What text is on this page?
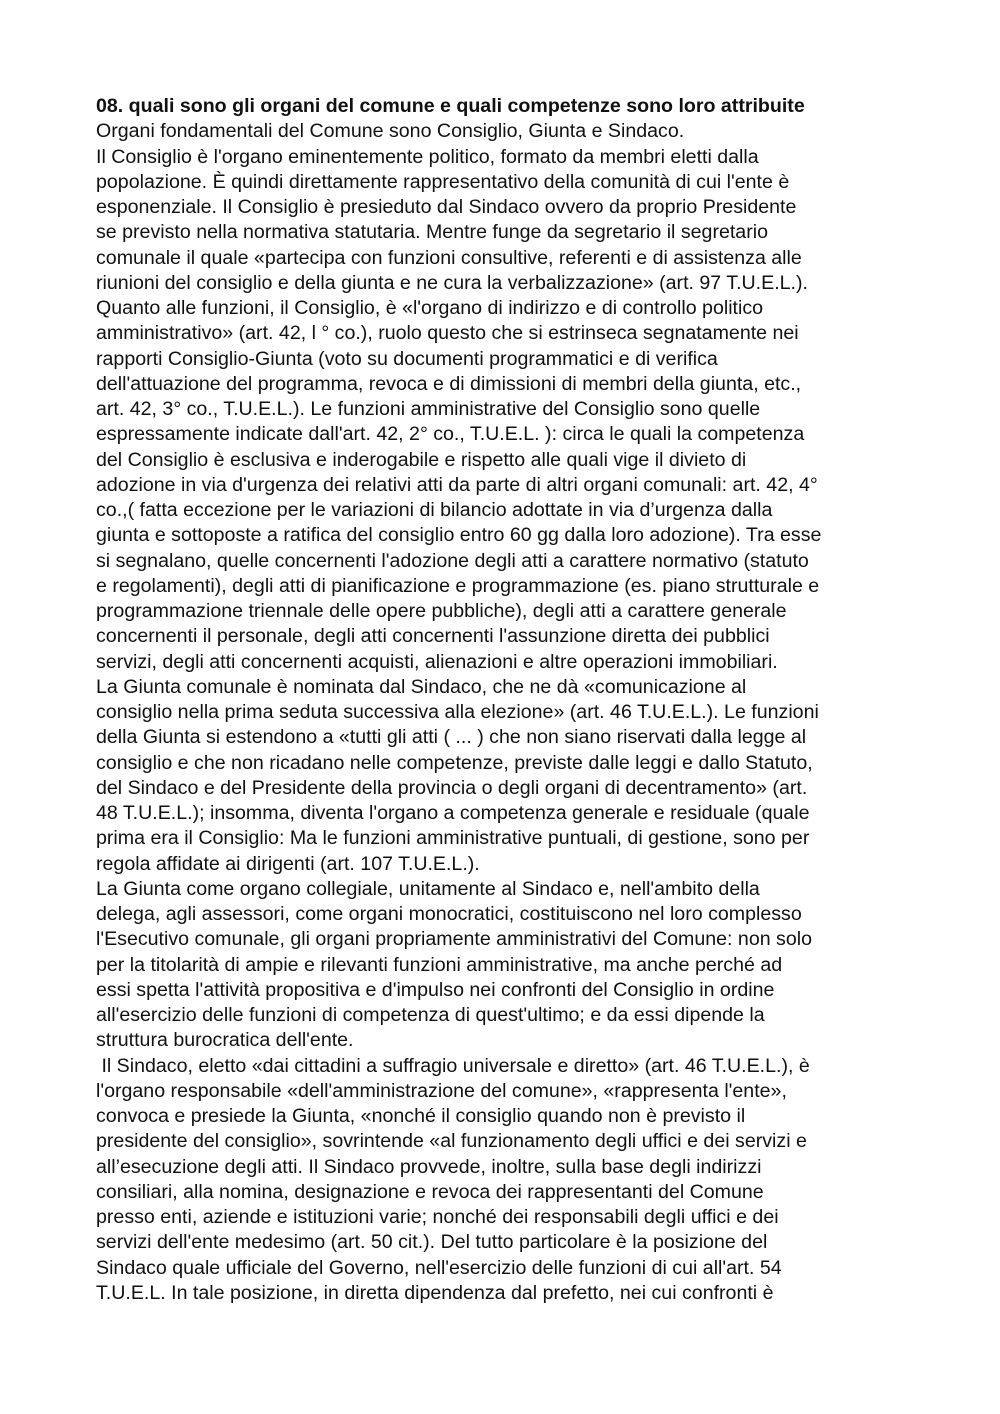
08. quali sono gli organi del comune e quali competenze sono loro attribuite
Organi fondamentali del Comune sono Consiglio, Giunta e Sindaco.
Il Consiglio è l'organo eminentemente politico, formato da membri eletti dalla
popolazione. È quindi direttamente rappresentativo della comunità di cui l'ente è
esponenziale. Il Consiglio è presieduto dal Sindaco ovvero da proprio Presidente
se previsto nella normativa statutaria. Mentre funge da segretario il segretario
comunale il quale «partecipa con funzioni consultive, referenti e di assistenza alle
riunioni del consiglio e della giunta e ne cura la verbalizzazione» (art. 97 T.U.E.L.).
Quanto alle funzioni, il Consiglio, è «l'organo di indirizzo e di controllo politico
amministrativo» (art. 42, l ° co.), ruolo questo che si estrinseca segnatamente nei
rapporti Consiglio-Giunta (voto su documenti programmatici e di verifica
dell'attuazione del programma, revoca e di dimissioni di membri della giunta, etc.,
art. 42, 3° co., T.U.E.L.). Le funzioni amministrative del Consiglio sono quelle
espressamente indicate dall'art. 42, 2° co., T.U.E.L. ): circa le quali la competenza
del Consiglio è esclusiva e inderogabile e rispetto alle quali vige il divieto di
adozione in via d'urgenza dei relativi atti da parte di altri organi comunali: art. 42, 4°
co.,( fatta eccezione per le variazioni di bilancio adottate in via d’urgenza dalla
giunta e sottoposte a ratifica del consiglio entro 60 gg dalla loro adozione). Tra esse
si segnalano, quelle concernenti l'adozione degli atti a carattere normativo (statuto
e regolamenti), degli atti di pianificazione e programmazione (es. piano strutturale e
programmazione triennale delle opere pubbliche), degli atti a carattere generale
concernenti il personale, degli atti concernenti l'assunzione diretta dei pubblici
servizi, degli atti concernenti acquisti, alienazioni e altre operazioni immobiliari.
La Giunta comunale è nominata dal Sindaco, che ne dà «comunicazione al
consiglio nella prima seduta successiva alla elezione» (art. 46 T.U.E.L.). Le funzioni
della Giunta si estendono a «tutti gli atti ( ... ) che non siano riservati dalla legge al
consiglio e che non ricadano nelle competenze, previste dalle leggi e dallo Statuto,
del Sindaco e del Presidente della provincia o degli organi di decentramento» (art.
48 T.U.E.L.); insomma, diventa l'organo a competenza generale e residuale (quale
prima era il Consiglio: Ma le funzioni amministrative puntuali, di gestione, sono per
regola affidate ai dirigenti (art. 107 T.U.E.L.).
La Giunta come organo collegiale, unitamente al Sindaco e, nell'ambito della
delega, agli assessori, come organi monocratici, costituiscono nel loro complesso
l'Esecutivo comunale, gli organi propriamente amministrativi del Comune: non solo
per la titolarità di ampie e rilevanti funzioni amministrative, ma anche perché ad
essi spetta l'attività propositiva e d'impulso nei confronti del Consiglio in ordine
all'esercizio delle funzioni di competenza di quest'ultimo; e da essi dipende la
struttura burocratica dell'ente.
Il Sindaco, eletto «dai cittadini a suffragio universale e diretto» (art. 46 T.U.E.L.), è
l'organo responsabile «dell'amministrazione del comune», «rappresenta l'ente»,
convoca e presiede la Giunta, «nonché il consiglio quando non è previsto il
presidente del consiglio», sovrintende «al funzionamento degli uffici e dei servizi e
all’esecuzione degli atti. Il Sindaco provvede, inoltre, sulla base degli indirizzi
consiliari, alla nomina, designazione e revoca dei rappresentanti del Comune
presso enti, aziende e istituzioni varie; nonché dei responsabili degli uffici e dei
servizi dell'ente medesimo (art. 50 cit.). Del tutto particolare è la posizione del
Sindaco quale ufficiale del Governo, nell'esercizio delle funzioni di cui all'art. 54
T.U.E.L. In tale posizione, in diretta dipendenza dal prefetto, nei cui confronti è
